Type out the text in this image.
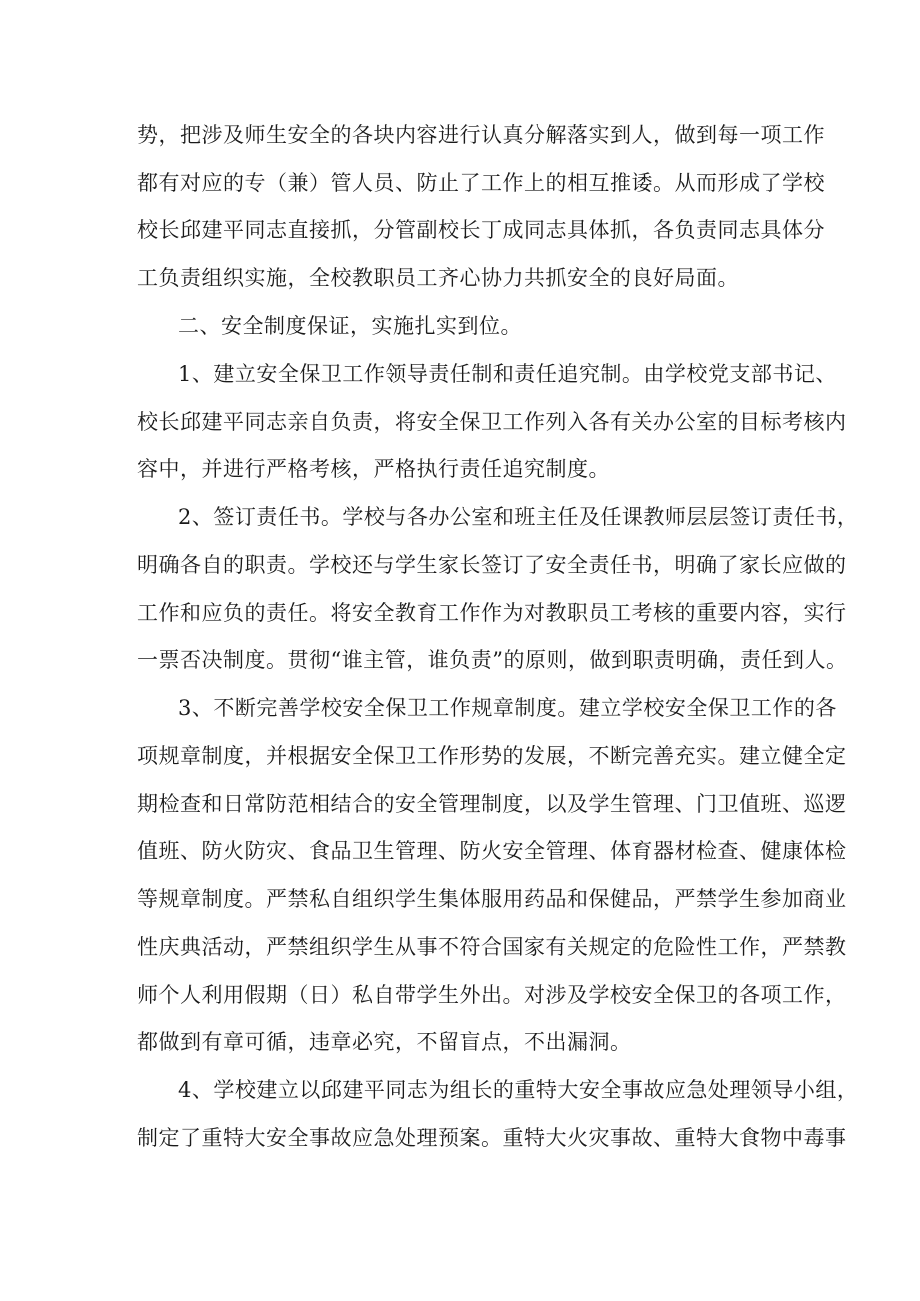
势，把涉及师生安全的各块内容进行认真分解落实到人，做到每一项工作
都有对应的专（兼）管人员、防止了工作上的相互推诿。从而形成了学校
校长邱建平同志直接抓，分管副校长丁成同志具体抓，各负责同志具体分
工负责组织实施，全校教职员工齐心协力共抓安全的良好局面。
二、安全制度保证，实施扎实到位。
1、建立安全保卫工作领导责任制和责任追究制。由学校党支部书记、
校长邱建平同志亲自负责，将安全保卫工作列入各有关办公室的目标考核内
容中，并进行严格考核，严格执行责任追究制度。
2、签订责任书。学校与各办公室和班主任及任课教师层层签订责任书，
明确各自的职责。学校还与学生家长签订了安全责任书，明确了家长应做的
工作和应负的责任。将安全教育工作作为对教职员工考核的重要内容，实行
一票否决制度。贯彻“谁主管，谁负责”的原则，做到职责明确，责任到人。
3、不断完善学校安全保卫工作规章制度。建立学校安全保卫工作的各
项规章制度，并根据安全保卫工作形势的发展，不断完善充实。建立健全定
期检查和日常防范相结合的安全管理制度，以及学生管理、门卫值班、巡逻
值班、防火防灾、食品卫生管理、防火安全管理、体育器材检查、健康体检
等规章制度。严禁私自组织学生集体服用药品和保健品，严禁学生参加商业
性庆典活动，严禁组织学生从事不符合国家有关规定的危险性工作，严禁教
师个人利用假期（日）私自带学生外出。对涉及学校安全保卫的各项工作，
都做到有章可循，违章必究，不留盲点，不出漏洞。
4、学校建立以邱建平同志为组长的重特大安全事故应急处理领导小组，
制定了重特大安全事故应急处理预案。重特大火灾事故、重特大食物中毒事
